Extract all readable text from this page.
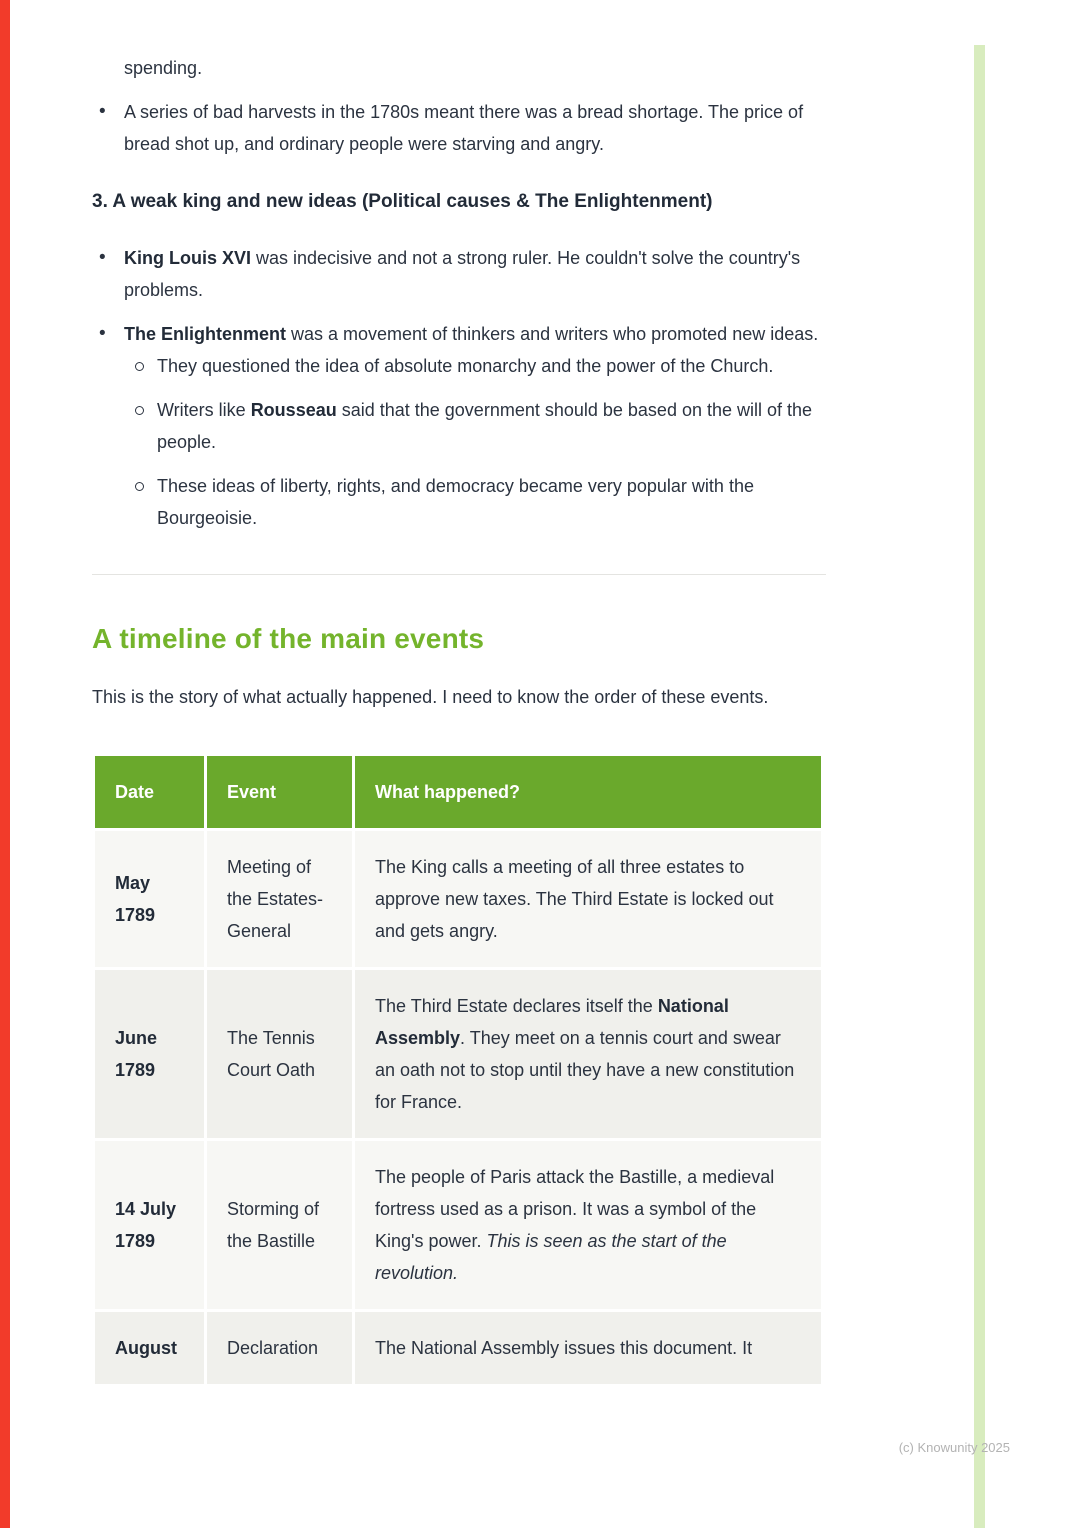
spending.
• A series of bad harvests in the 1780s meant there was a bread shortage. The price of bread shot up, and ordinary people were starving and angry.
3. A weak king and new ideas (Political causes & The Enlightenment)
• King Louis XVI was indecisive and not a strong ruler. He couldn't solve the country's problems.
• The Enlightenment was a movement of thinkers and writers who promoted new ideas.
They questioned the idea of absolute monarchy and the power of the Church.
Writers like Rousseau said that the government should be based on the will of the people.
These ideas of liberty, rights, and democracy became very popular with the Bourgeoisie.
A timeline of the main events

This is the story of what actually happened. I need to know the order of these events.

Date	Event	What happened?
May 1789	Meeting of the Estates-General	The King calls a meeting of all three estates to approve new taxes. The Third Estate is locked out and gets angry.
June 1789	The Tennis Court Oath	The Third Estate declares itself the National Assembly. They meet on a tennis court and swear an oath not to stop until they have a new constitution for France.
14 July 1789	Storming of the Bastille	The people of Paris attack the Bastille, a medieval fortress used as a prison. It was a symbol of the King's power. This is seen as the start of the revolution.
August	Declaration	The National Assembly issues this document. It
(c) Knowunity 2025
